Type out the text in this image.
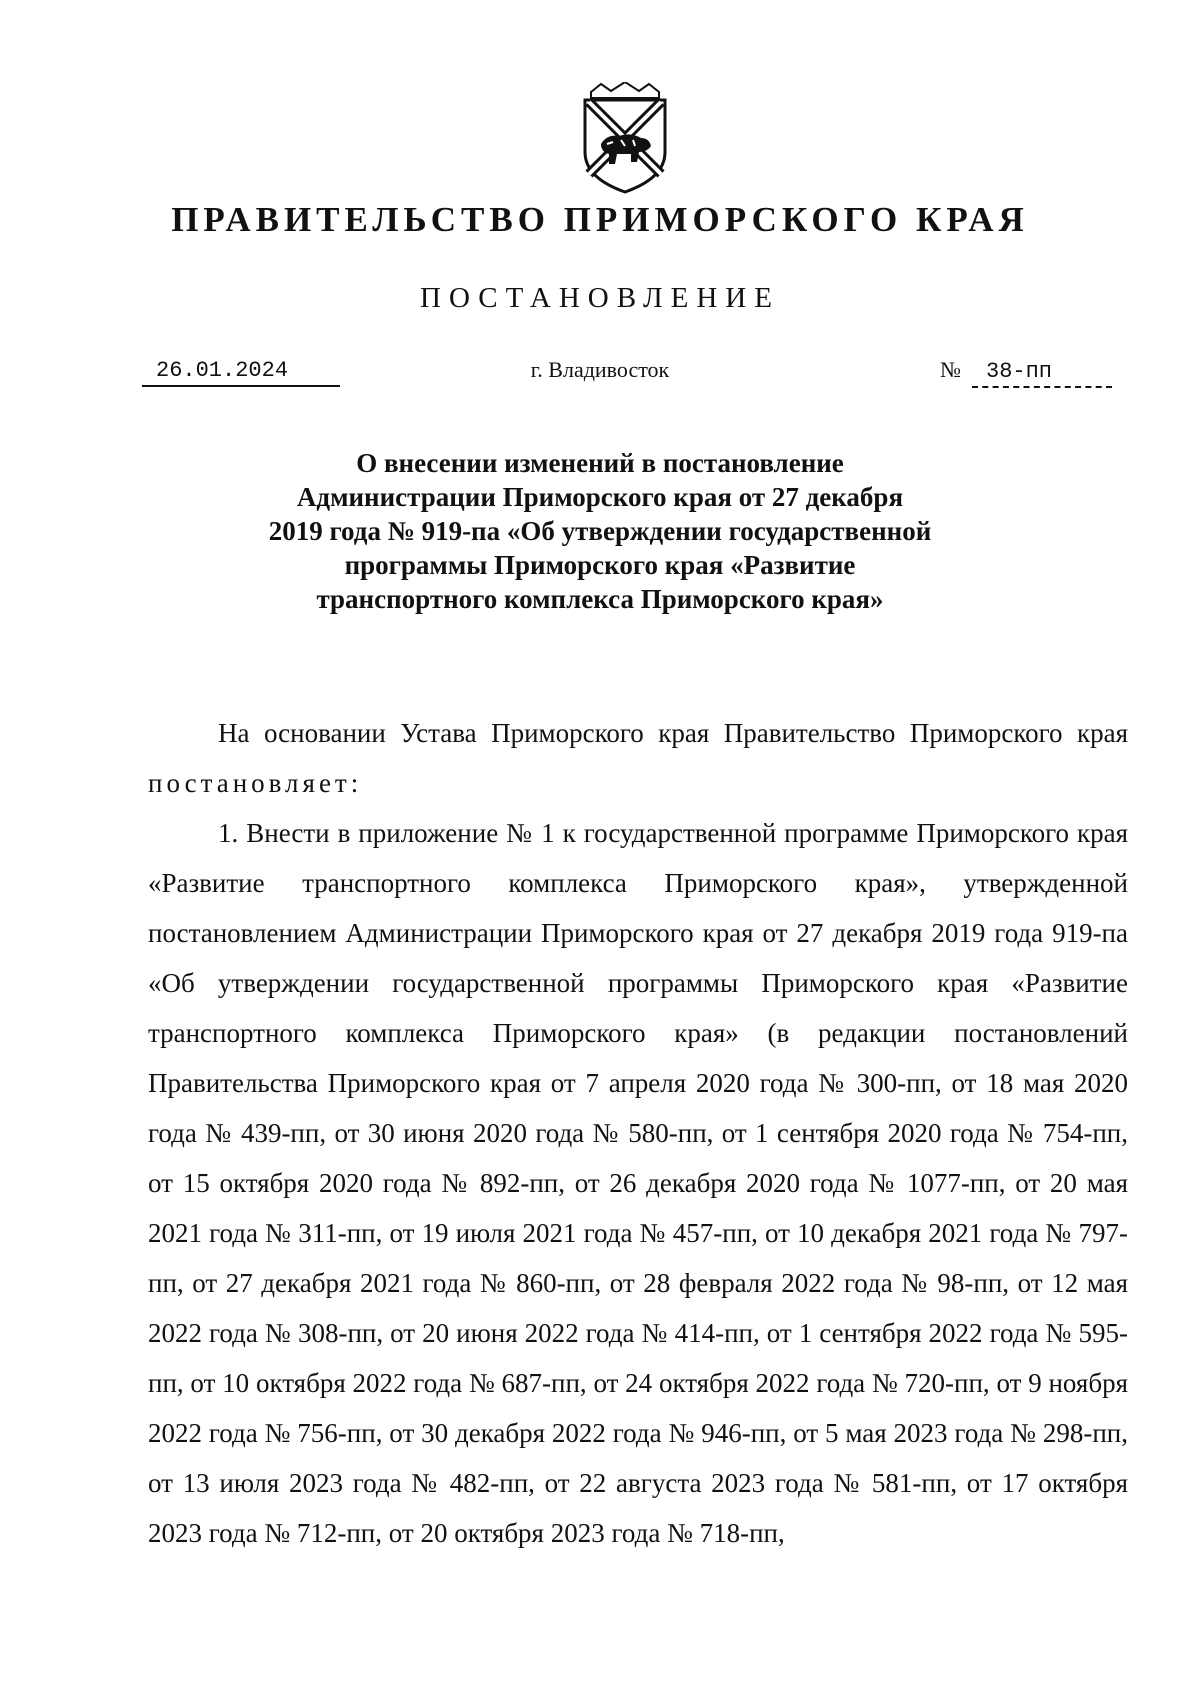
ПРАВИТЕЛЬСТВО ПРИМОРСКОГО КРАЯ
ПОСТАНОВЛЕНИЕ
26.01.2024	г. Владивосток	№	38-пп
О внесении изменений в постановление
Администрации Приморского края от 27 декабря
2019 года № 919-па «Об утверждении государственной
программы Приморского края «Развитие
транспортного комплекса Приморского края»

На основании Устава Приморского края Правительство Приморского края постановляет:

1. Внести в приложение № 1 к государственной программе Приморского края «Развитие транспортного комплекса Приморского края», утвержденной постановлением Администрации Приморского края от 27 декабря 2019 года 919-па «Об утверждении государственной программы Приморского края «Развитие транспортного комплекса Приморского края» (в редакции постановлений Правительства Приморского края от 7 апреля 2020 года № 300-пп, от 18 мая 2020 года № 439-пп, от 30 июня 2020 года № 580-пп, от 1 сентября 2020 года № 754-пп, от 15 октября 2020 года № 892-пп, от 26 декабря 2020 года № 1077-пп, от 20 мая 2021 года № 311-пп, от 19 июля 2021 года № 457-пп, от 10 декабря 2021 года № 797-пп, от 27 декабря 2021 года № 860-пп, от 28 февраля 2022 года № 98-пп, от 12 мая 2022 года № 308-пп, от 20 июня 2022 года № 414-пп, от 1 сентября 2022 года № 595-пп, от 10 октября 2022 года № 687-пп, от 24 октября 2022 года № 720-пп, от 9 ноября 2022 года № 756-пп, от 30 декабря 2022 года № 946-пп, от 5 мая 2023 года № 298-пп, от 13 июля 2023 года № 482-пп, от 22 августа 2023 года № 581-пп, от 17 октября 2023 года № 712-пп, от 20 октября 2023 года № 718-пп,
